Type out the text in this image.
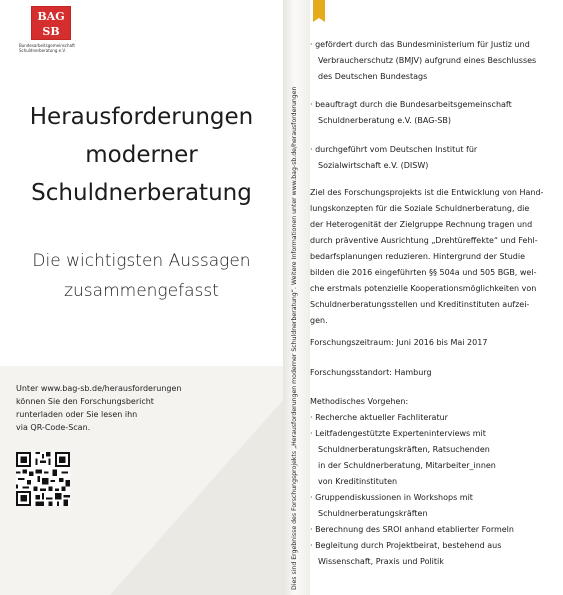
BAG
SB
Bundesarbeitsgemeinschaft
Schuldnerberatung e.V.
Herausforderungen
moderner
Schuldnerberatung
Die wichtigsten Aussagen
zusammengefasst
Unter www.bag-sb.de/herausforderungen
können Sie den Forschungsbericht
runterladen oder Sie lesen ihn
via QR-Code-Scan.	Dies sind Ergebnisse des Forschungsprojekts „Herausforderungen moderner Schuldnerberatung“. Weitere Informationen unter www.bag-sb.de/herausforderungen
· gefördert durch das Bundesministerium für Justiz und
Verbraucherschutz (BMJV) aufgrund eines Beschlusses
des Deutschen Bundestags
· beauftragt durch die Bundesarbeitsgemeinschaft
Schuldnerberatung e.V. (BAG-SB)
· durchgeführt vom Deutschen Institut für
Sozialwirtschaft e.V. (DISW)
Ziel des Forschungsprojekts ist die Entwicklung von Hand-
lungskonzepten für die Soziale Schuldnerberatung, die
der Heterogenität der Zielgruppe Rechnung tragen und
durch präventive Ausrichtung „Drehtüreffekte“ und Fehl-
bedarfsplanungen reduzieren. Hintergrund der Studie
bilden die 2016 eingeführten §§ 504a und 505 BGB, wel-
che erstmals potenzielle Kooperationsmöglichkeiten von
Schuldnerberatungsstellen und Kreditinstituten aufzei-
gen.
Forschungszeitraum: Juni 2016 bis Mai 2017
Forschungsstandort: Hamburg
Methodisches Vorgehen:
· Recherche aktueller Fachliteratur
· Leitfadengestützte Experteninterviews mit
Schuldnerberatungskräften, Ratsuchenden
in der Schuldnerberatung, Mitarbeiter_innen
von Kreditinstituten
· Gruppendiskussionen in Workshops mit
Schuldnerberatungskräften
· Berechnung des SROI anhand etablierter Formeln
· Begleitung durch Projektbeirat, bestehend aus
Wissenschaft, Praxis und Politik
